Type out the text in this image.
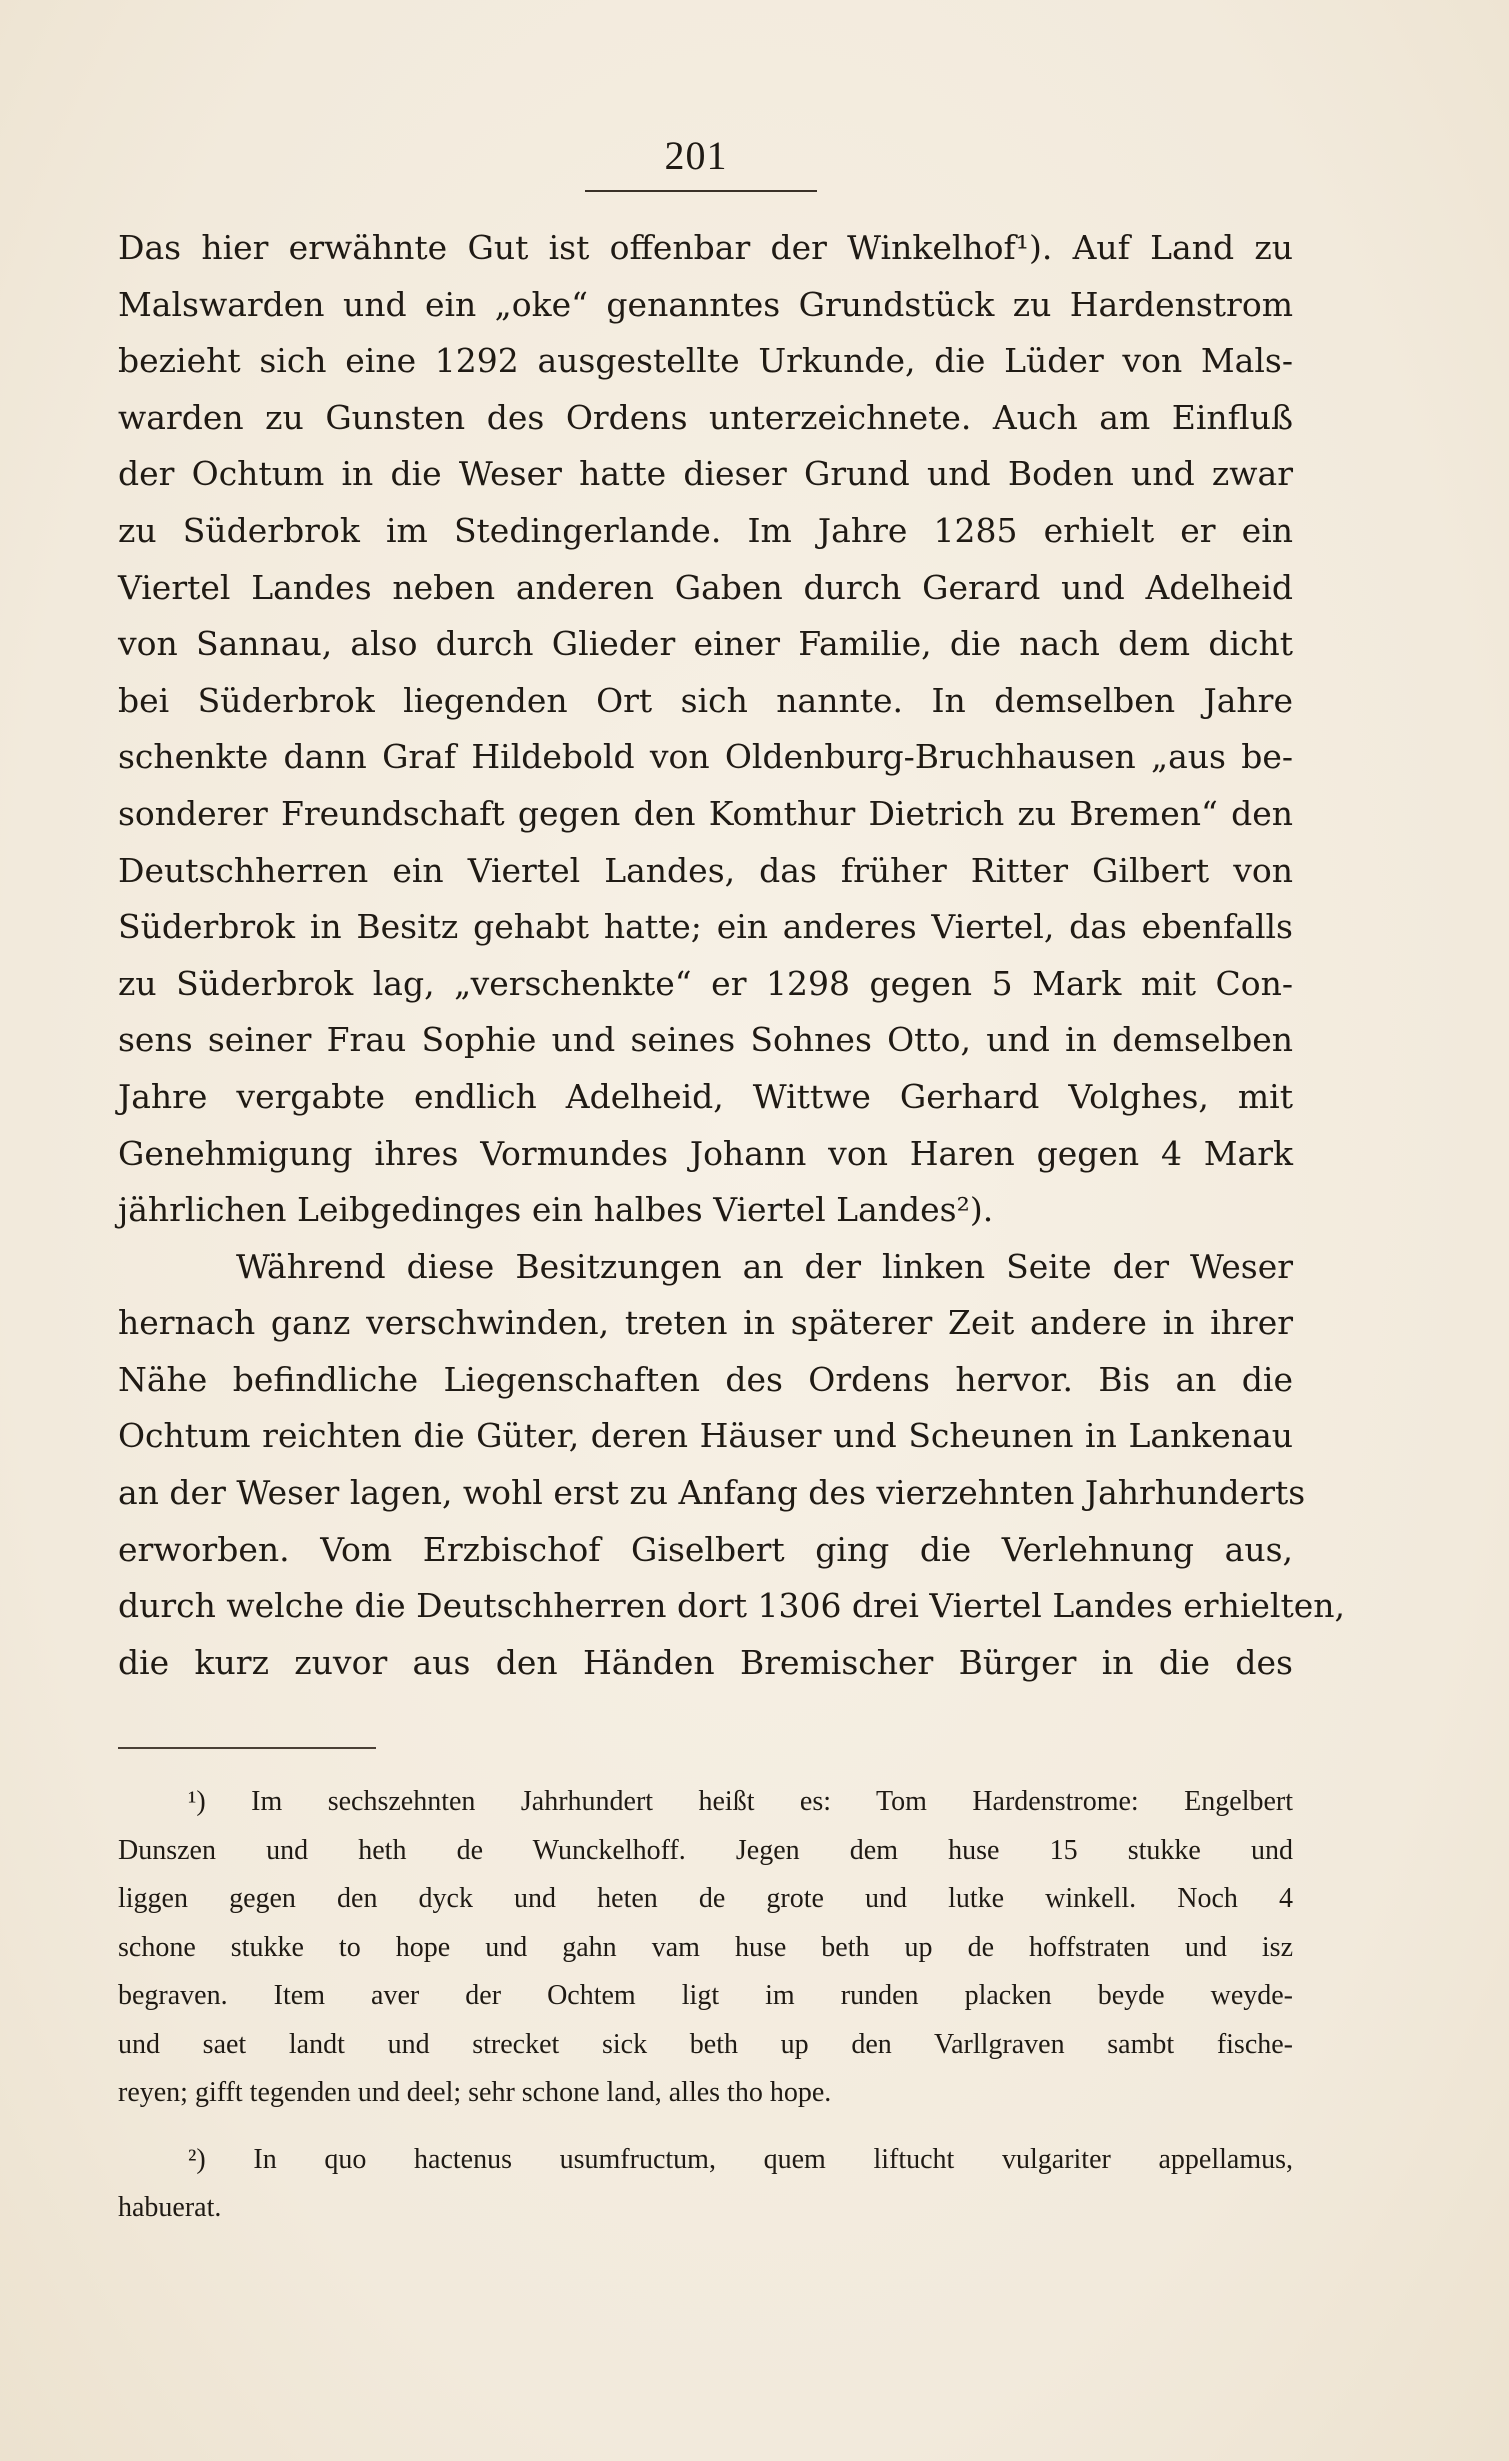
201
Das hier erwähnte Gut ist offenbar der Winkelhof¹). Auf Land zu
Malswarden und ein „oke“ genanntes Grundstück zu Hardenstrom
bezieht sich eine 1292 ausgestellte Urkunde, die Lüder von Mals-
warden zu Gunsten des Ordens unterzeichnete. Auch am Einfluß
der Ochtum in die Weser hatte dieser Grund und Boden und zwar
zu Süderbrok im Stedingerlande. Im Jahre 1285 erhielt er ein
Viertel Landes neben anderen Gaben durch Gerard und Adelheid
von Sannau, also durch Glieder einer Familie, die nach dem dicht
bei Süderbrok liegenden Ort sich nannte. In demselben Jahre
schenkte dann Graf Hildebold von Oldenburg-Bruchhausen „aus be-
sonderer Freundschaft gegen den Komthur Dietrich zu Bremen“ den
Deutschherren ein Viertel Landes, das früher Ritter Gilbert von
Süderbrok in Besitz gehabt hatte; ein anderes Viertel, das ebenfalls
zu Süderbrok lag, „verschenkte“ er 1298 gegen 5 Mark mit Con-
sens seiner Frau Sophie und seines Sohnes Otto, und in demselben
Jahre vergabte endlich Adelheid, Wittwe Gerhard Volghes, mit
Genehmigung ihres Vormundes Johann von Haren gegen 4 Mark
jährlichen Leibgedinges ein halbes Viertel Landes²).
Während diese Besitzungen an der linken Seite der Weser
hernach ganz verschwinden, treten in späterer Zeit andere in ihrer
Nähe befindliche Liegenschaften des Ordens hervor. Bis an die
Ochtum reichten die Güter, deren Häuser und Scheunen in Lankenau
an der Weser lagen, wohl erst zu Anfang des vierzehnten Jahrhunderts
erworben. Vom Erzbischof Giselbert ging die Verlehnung aus,
durch welche die Deutschherren dort 1306 drei Viertel Landes erhielten,
die kurz zuvor aus den Händen Bremischer Bürger in die des
¹) Im sechszehnten Jahrhundert heißt es: Tom Hardenstrome: Engelbert
Dunszen und heth de Wunckelhoff. Jegen dem huse 15 stukke und
liggen gegen den dyck und heten de grote und lutke winkell. Noch 4
schone stukke to hope und gahn vam huse beth up de hoffstraten und isz
begraven. Item aver der Ochtem ligt im runden placken beyde weyde-
und saet landt und strecket sick beth up den Varllgraven sambt fische-
reyen; gifft tegenden und deel; sehr schone land, alles tho hope.
²) In quo hactenus usumfructum, quem liftucht vulgariter appellamus,
habuerat.
